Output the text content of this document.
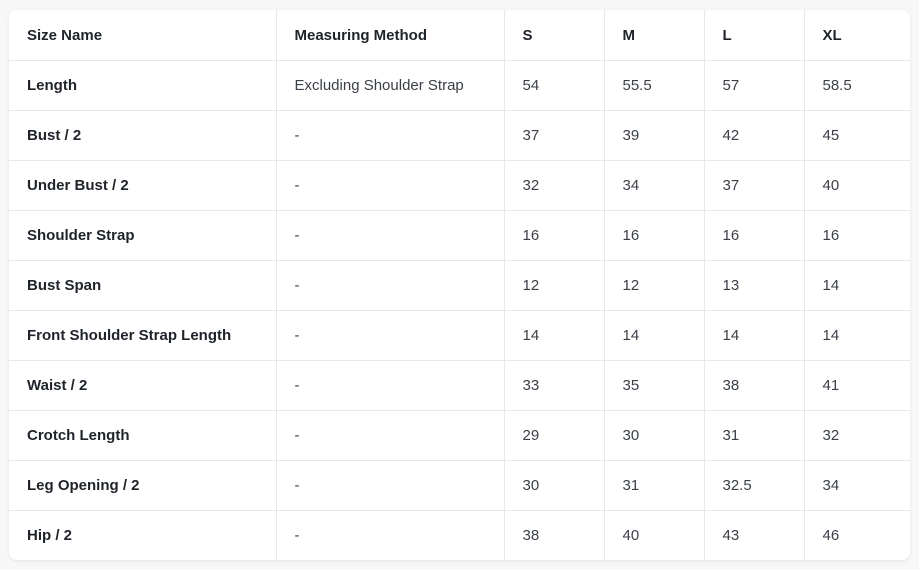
Size Name	Measuring Method	S	M	L	XL
Length	Excluding Shoulder Strap	54	55.5	57	58.5
Bust / 2	-	37	39	42	45
Under Bust / 2	-	32	34	37	40
Shoulder Strap	-	16	16	16	16
Bust Span	-	12	12	13	14
Front Shoulder Strap Length	-	14	14	14	14
Waist / 2	-	33	35	38	41
Crotch Length	-	29	30	31	32
Leg Opening / 2	-	30	31	32.5	34
Hip / 2	-	38	40	43	46
